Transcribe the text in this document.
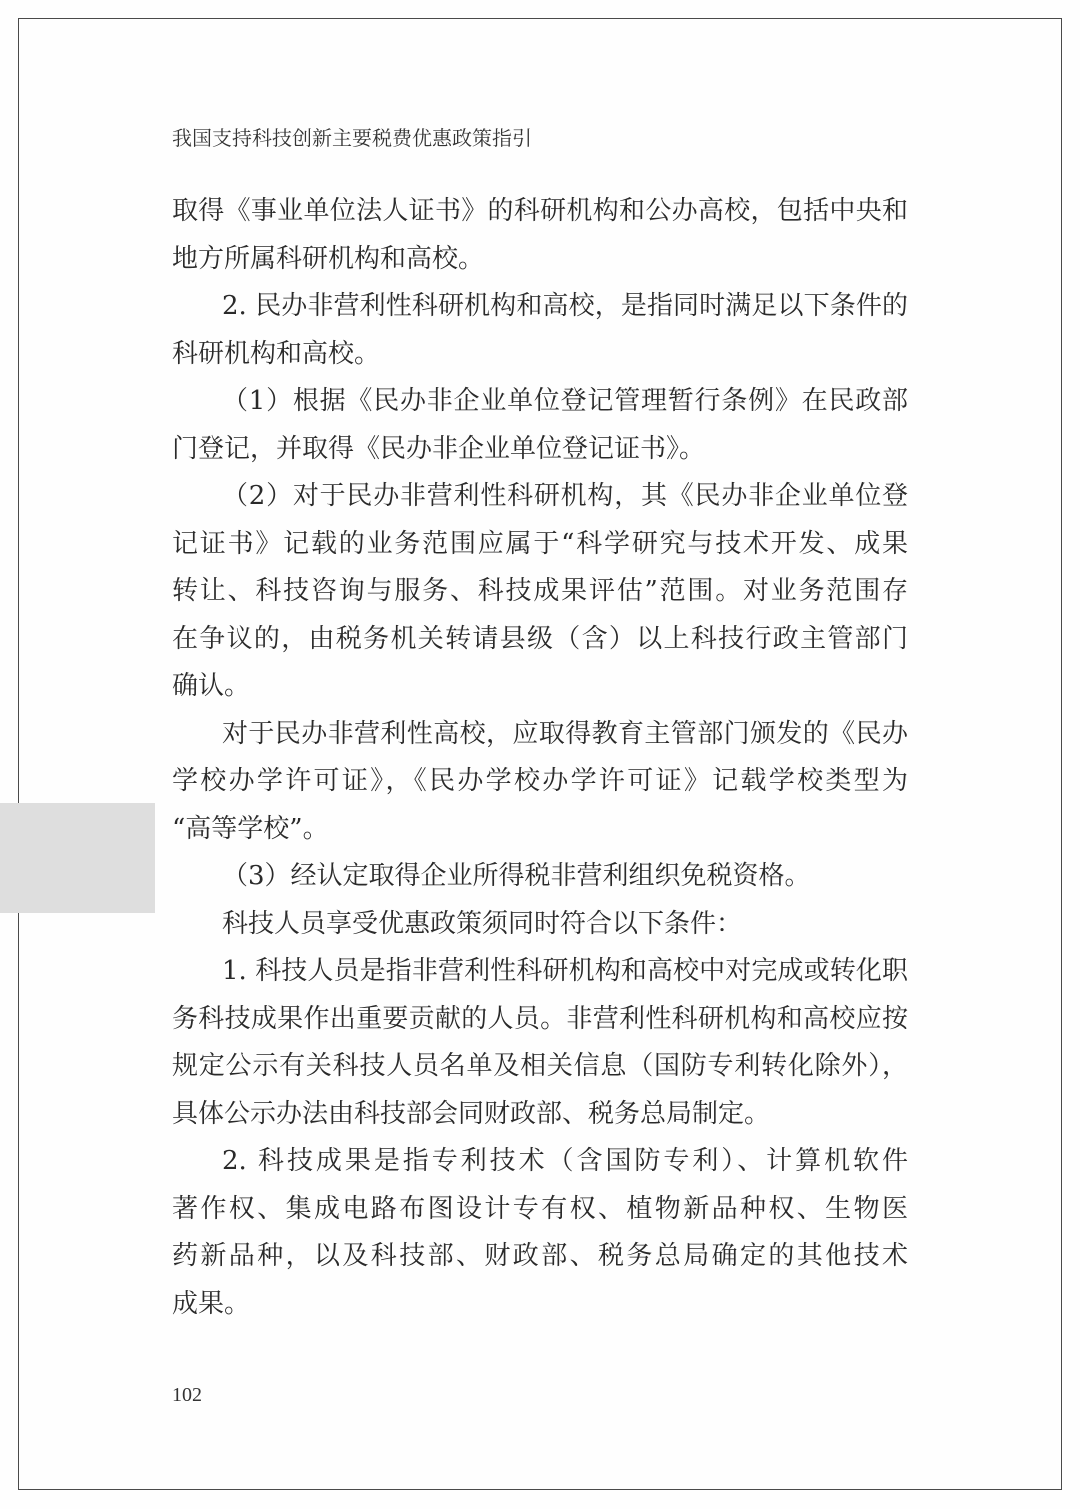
我国支持科技创新主要税费优惠政策指引
取得《事业单位法人证书》的科研机构和公办高校，包括中央和
地方所属科研机构和高校。
2. 民办非营利性科研机构和高校，是指同时满足以下条件的
科研机构和高校。
（1）根据《民办非企业单位登记管理暂行条例》在民政部
门登记，并取得《民办非企业单位登记证书》。
（2）对于民办非营利性科研机构，其《民办非企业单位登
记证书》记载的业务范围应属于“科学研究与技术开发、成果
转让、科技咨询与服务、科技成果评估”范围。对业务范围存
在争议的，由税务机关转请县级（含）以上科技行政主管部门
确认。
对于民办非营利性高校，应取得教育主管部门颁发的《民办
学校办学许可证》，《民办学校办学许可证》记载学校类型为
“高等学校”。
（3）经认定取得企业所得税非营利组织免税资格。
科技人员享受优惠政策须同时符合以下条件：
1. 科技人员是指非营利性科研机构和高校中对完成或转化职
务科技成果作出重要贡献的人员。非营利性科研机构和高校应按
规定公示有关科技人员名单及相关信息（国防专利转化除外），
具体公示办法由科技部会同财政部、税务总局制定。
2. 科技成果是指专利技术（含国防专利）、计算机软件
著作权、集成电路布图设计专有权、植物新品种权、生物医
药新品种，以及科技部、财政部、税务总局确定的其他技术
成果。
102
